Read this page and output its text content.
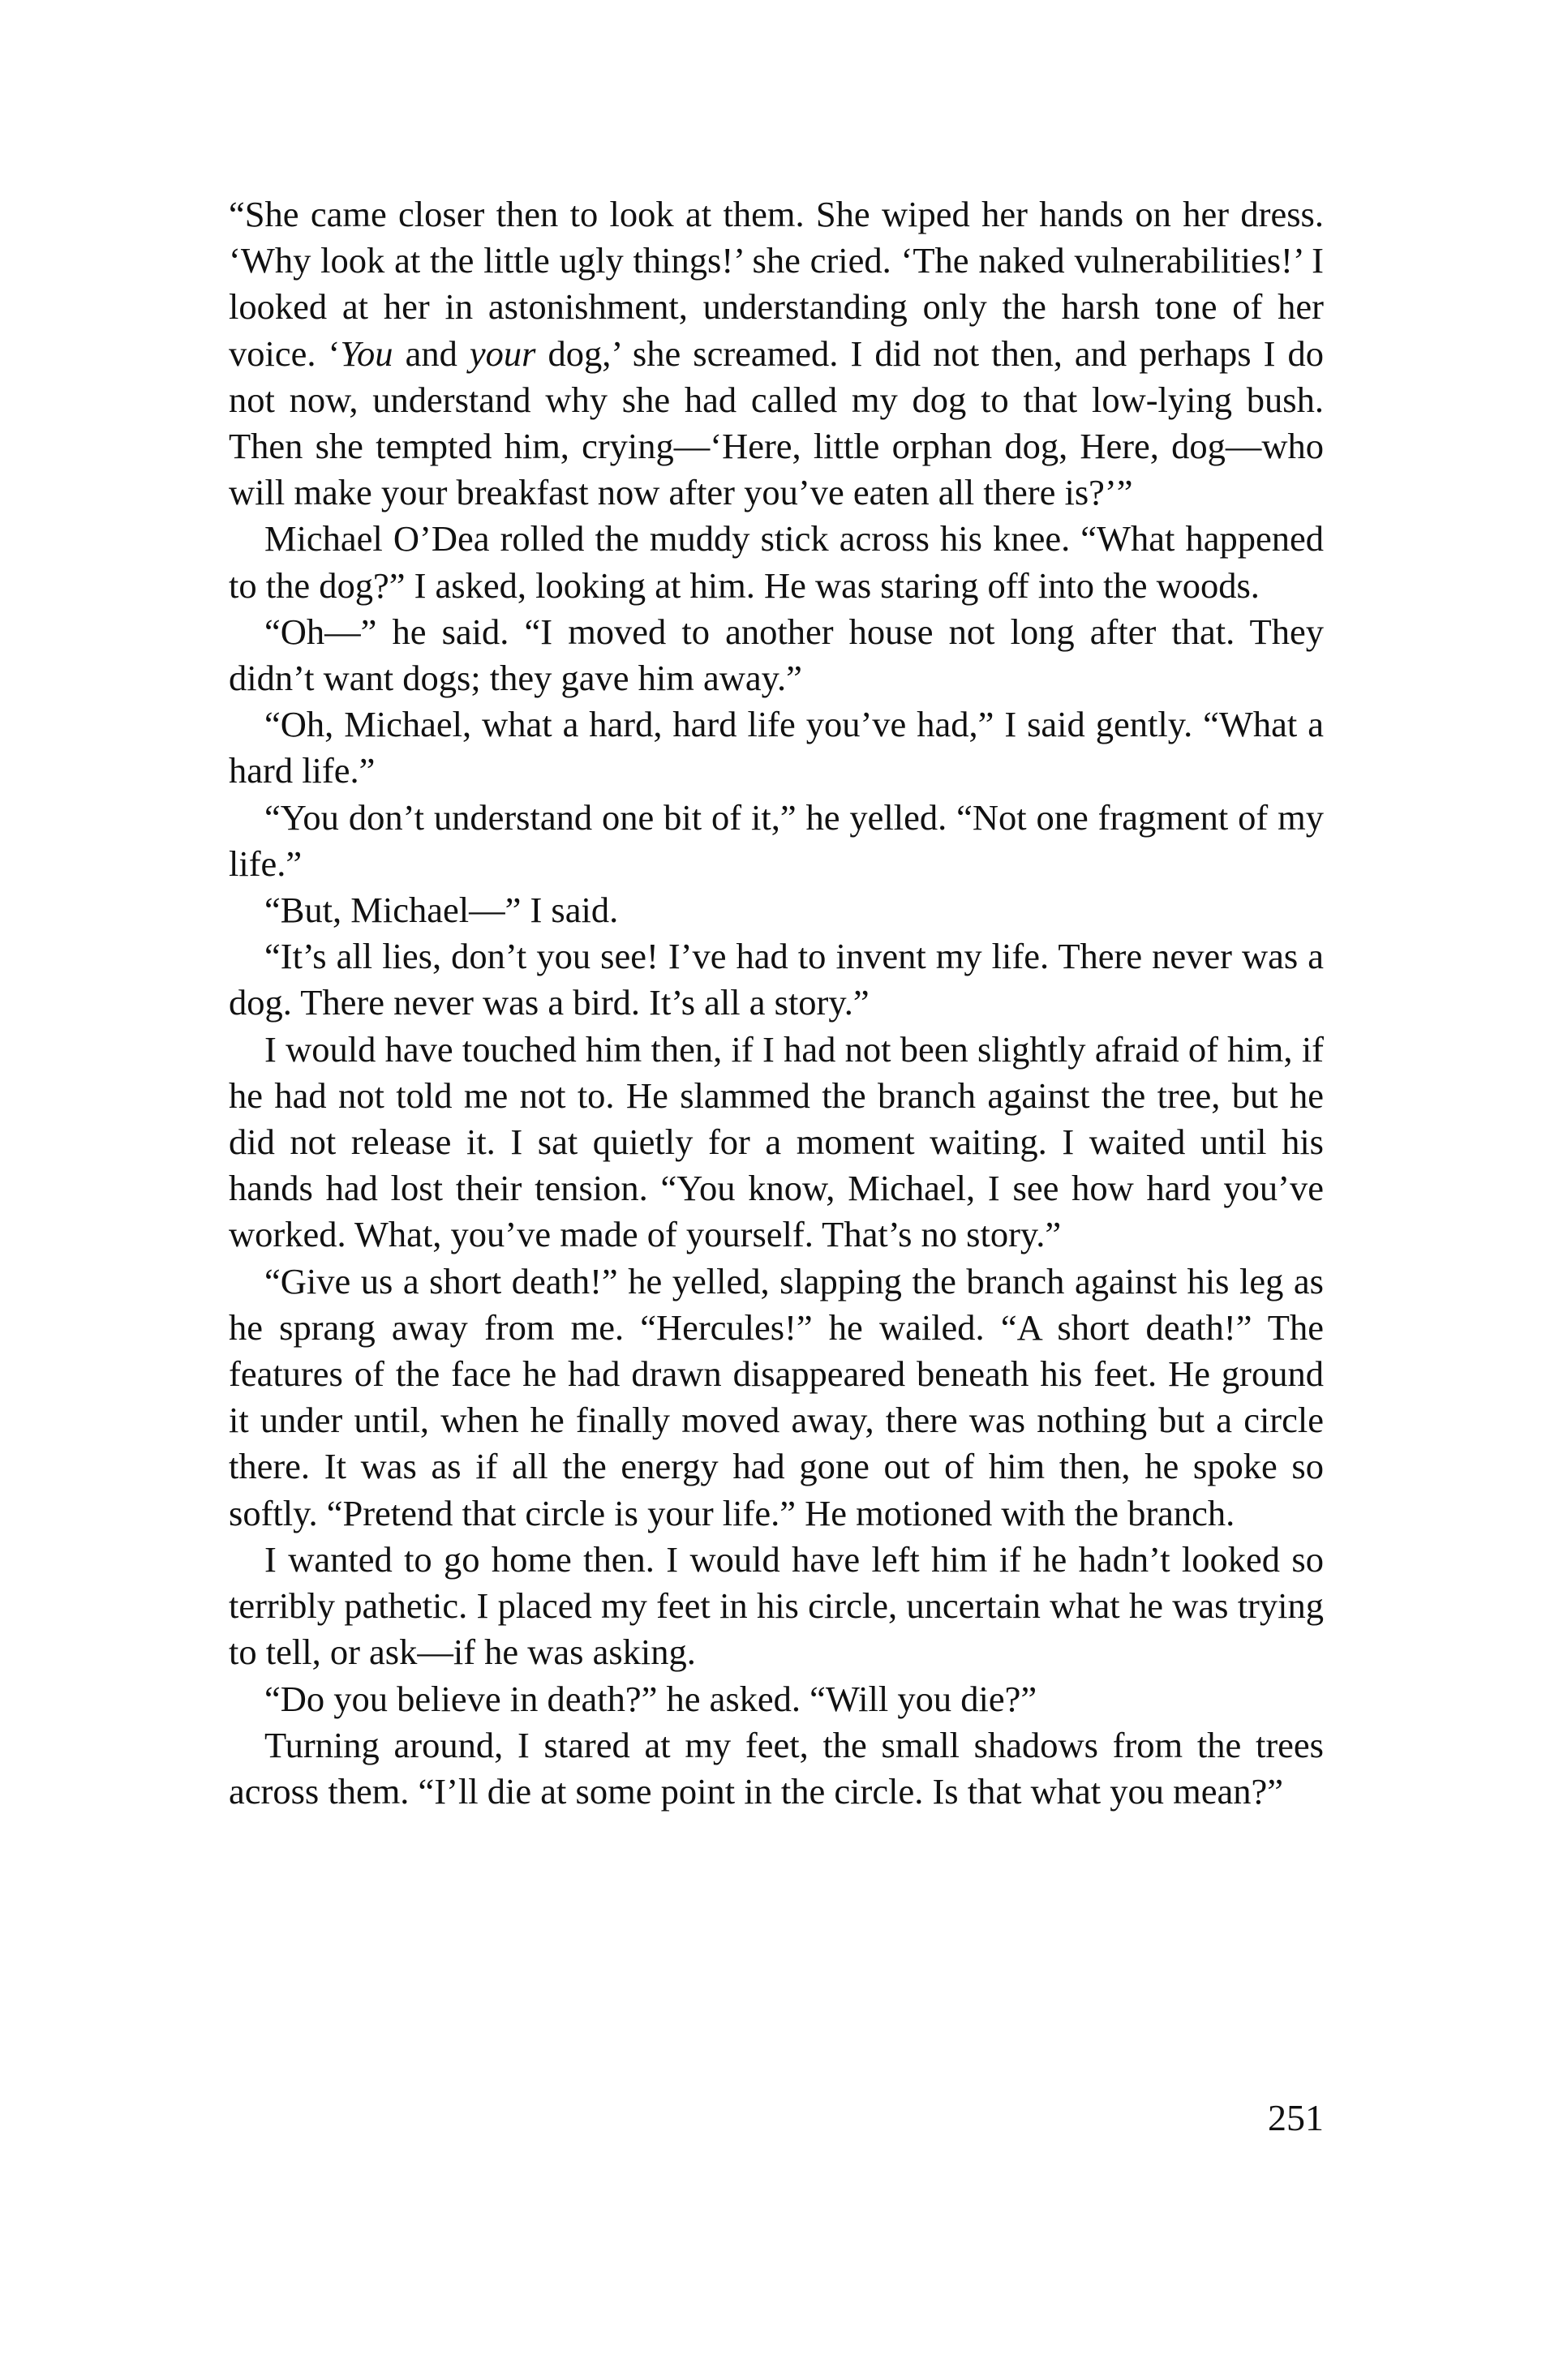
“She came closer then to look at them. She wiped her hands on her dress. ‘Why look at the little ugly things!’ she cried. ‘The naked vulnerabilities!’ I looked at her in astonishment, understanding only the harsh tone of her voice. ‘You and your dog,’ she screamed. I did not then, and perhaps I do not now, understand why she had called my dog to that low-lying bush. Then she tempted him, crying—‘Here, little orphan dog, Here, dog—who will make your breakfast now after you’ve eaten all there is?’”

Michael O’Dea rolled the muddy stick across his knee. “What happened to the dog?” I asked, looking at him. He was staring off into the woods.

“Oh—” he said. “I moved to another house not long after that. They didn’t want dogs; they gave him away.”

“Oh, Michael, what a hard, hard life you’ve had,” I said gently. “What a hard life.”

“You don’t understand one bit of it,” he yelled. “Not one fragment of my life.”

“But, Michael—” I said.

“It’s all lies, don’t you see! I’ve had to invent my life. There never was a dog. There never was a bird. It’s all a story.”

I would have touched him then, if I had not been slightly afraid of him, if he had not told me not to. He slammed the branch against the tree, but he did not release it. I sat quietly for a moment waiting. I waited until his hands had lost their tension. “You know, Michael, I see how hard you’ve worked. What, you’ve made of yourself. That’s no story.”

“Give us a short death!” he yelled, slapping the branch against his leg as he sprang away from me. “Hercules!” he wailed. “A short death!” The features of the face he had drawn disappeared beneath his feet. He ground it under until, when he finally moved away, there was nothing but a circle there. It was as if all the energy had gone out of him then, he spoke so softly. “Pretend that circle is your life.” He motioned with the branch.

I wanted to go home then. I would have left him if he hadn’t looked so terribly pathetic. I placed my feet in his circle, uncertain what he was trying to tell, or ask—if he was asking.

“Do you believe in death?” he asked. “Will you die?”

Turning around, I stared at my feet, the small shadows from the trees across them. “I’ll die at some point in the circle. Is that what you mean?”

251
